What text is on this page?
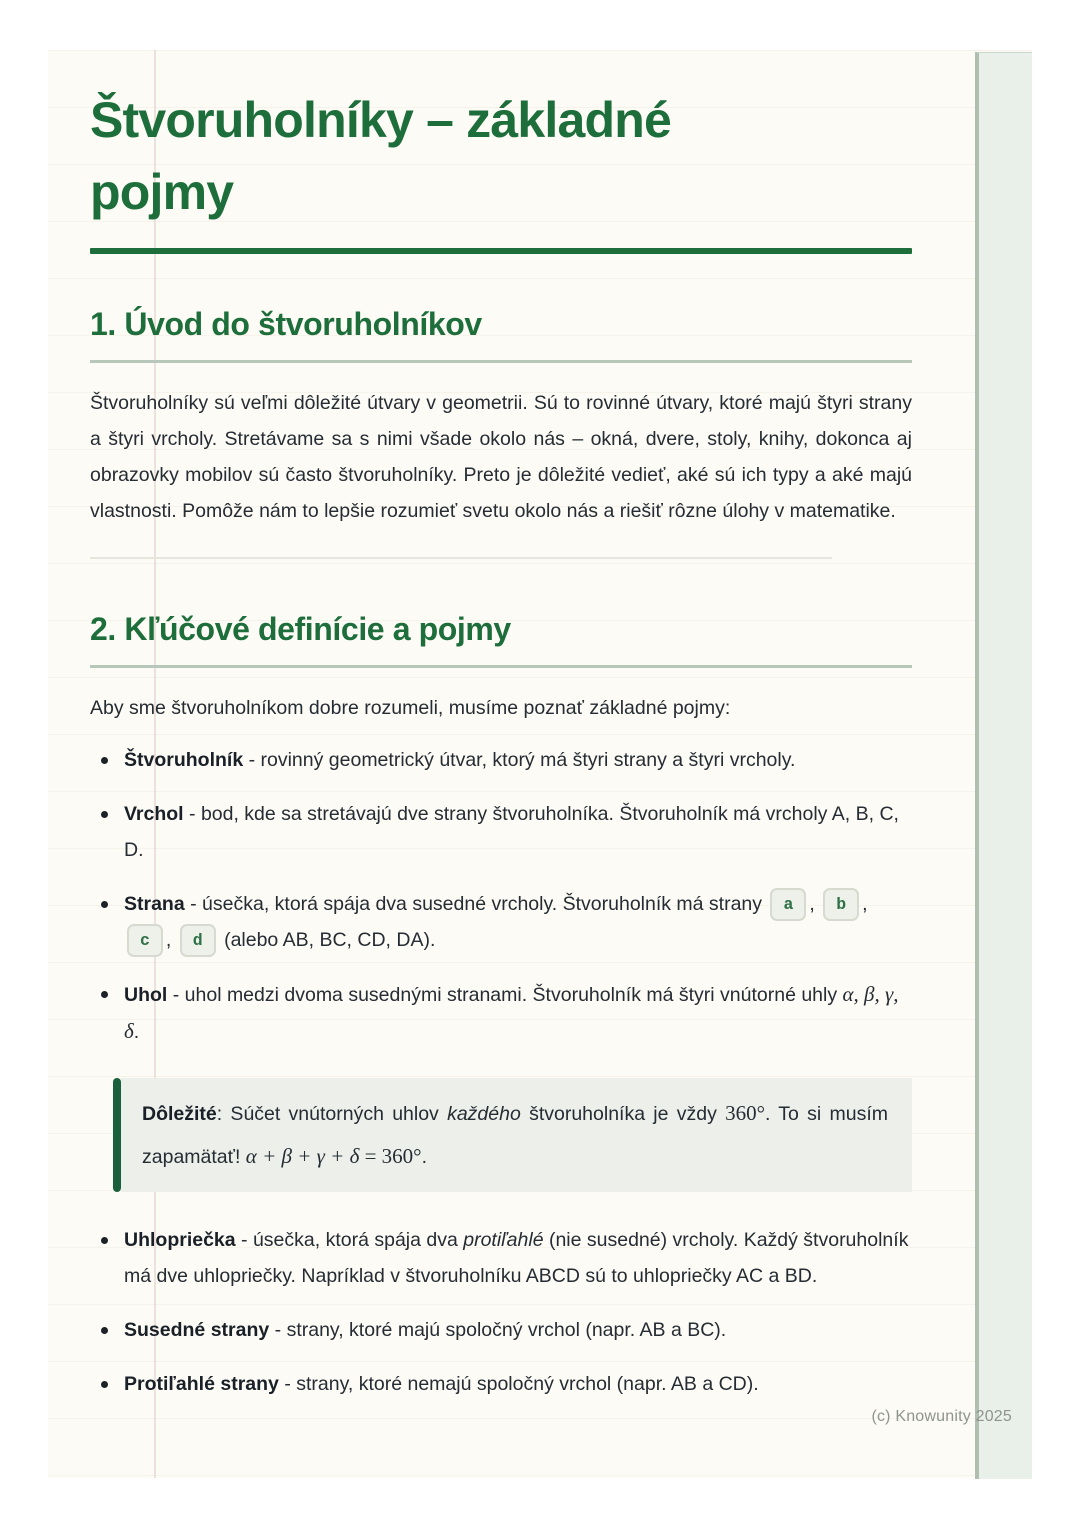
Štvoruholníky – základné
pojmy
1. Úvod do štvoruholníkov

Štvoruholníky sú veľmi dôležité útvary v geometrii. Sú to rovinné útvary, ktoré majú štyri strany a štyri vrcholy. Stretávame sa s nimi všade okolo nás – okná, dvere, stoly, knihy, dokonca aj obrazovky mobilov sú často štvoruholníky. Preto je dôležité vedieť, aké sú ich typy a aké majú vlastnosti. Pomôže nám to lepšie rozumieť svetu okolo nás a riešiť rôzne úlohy v matematike.

2. Kľúčové definície a pojmy

Aby sme štvoruholníkom dobre rozumeli, musíme poznať základné pojmy:

Štvoruholník - rovinný geometrický útvar, ktorý má štyri strany a štyri vrcholy.
Vrchol - bod, kde sa stretávajú dve strany štvoruholníka. Štvoruholník má vrcholy A, B, C, D.
Strana - úsečka, ktorá spája dva susedné vrcholy. Štvoruholník má strany a , b , c , d (alebo AB, BC, CD, DA).
Uhol - uhol medzi dvoma susednými stranami. Štvoruholník má štyri vnútorné uhly α, β, γ, δ.
Dôležité: Súčet vnútorných uhlov každého štvoruholníka je vždy 360°. To si musím zapamätať! α + β + γ + δ = 360°.
Uhlopriečka - úsečka, ktorá spája dva protiľahlé (nie susedné) vrcholy. Každý štvoruholník má dve uhlopriečky. Napríklad v štvoruholníku ABCD sú to uhlopriečky AC a BD.
Susedné strany - strany, ktoré majú spoločný vrchol (napr. AB a BC).
Protiľahlé strany - strany, ktoré nemajú spoločný vrchol (napr. AB a CD).
(c) Knowunity 2025
